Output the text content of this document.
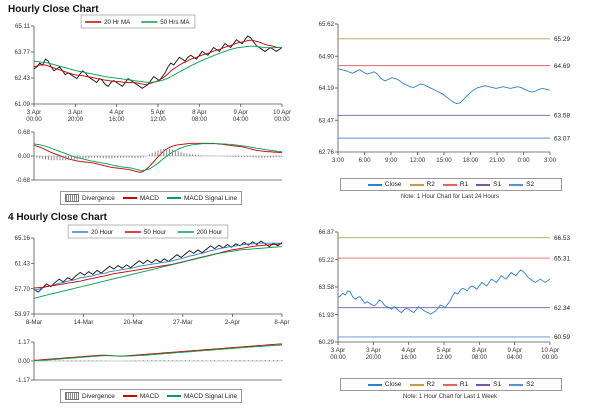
Hourly Close Chart
61.09
62.43
63.77
65.11
3 Apr
00:00
3 Apr
20:00
4 Apr
16:00
5 Apr
12:00
8 Apr
08:00
9 Apr
04:00
10 Apr
00:00
20 Hr MA	50 Hrs MA
-0.68
0.00
0.68
Divergence	MACD	MACD Signal Line
62.76
63.47
64.19
64.90
65.62
3:00 6:00 9:00 12:00 15:00 18:00 21:00 0:00 3:00
65.29
64.69
63.58
63.07
Close	R2	R1	S1	S2
Note: 1 Hour Chart for Last 24 Hours
4 Hourly Close Chart
53.97
57.70
61.43
65.16
8-Mar	14-Mar	20-Mar	27-Mar	2-Apr	8-Apr
20 Hour	50 Hour	200 Hour
-1.17
0.00
1.17
Divergence	MACD	MACD Signal Line
60.29
61.93
63.58
65.22
66.87
3 Apr
00:00
3 Apr
20:00
4 Apr
16:00
5 Apr
12:00
8 Apr
08:00
9 Apr
04:00
10 Apr
00:00
66.53
65.31
62.34
60.59
Close	R2	R1	S1	S2
Note: 1 Hour Chart for Last 1 Week
